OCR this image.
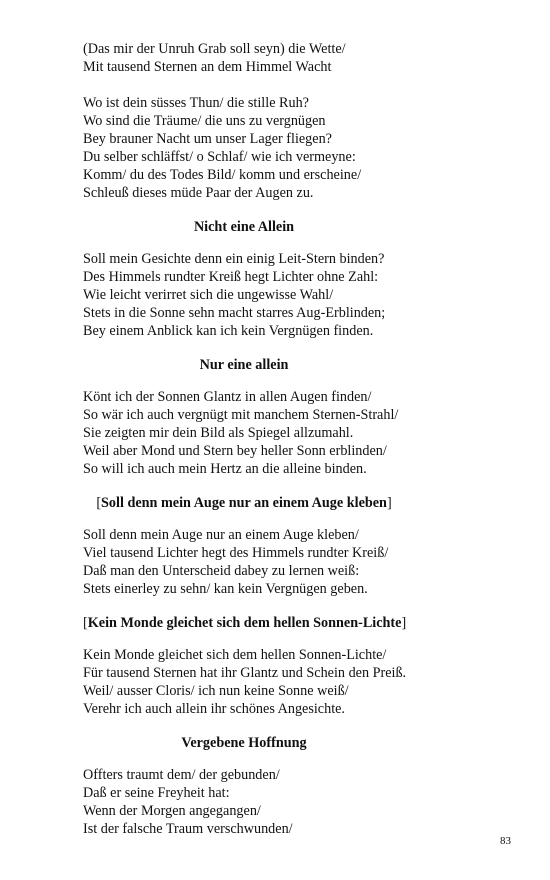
(Das mir der Unruh Grab soll seyn) die Wette/
Mit tausend Sternen an dem Himmel Wacht
Wo ist dein süsses Thun/ die stille Ruh?
Wo sind die Träume/ die uns zu vergnügen
Bey brauner Nacht um unser Lager fliegen?
Du selber schläffst/ o Schlaf/ wie ich vermeyne:
Komm/ du des Todes Bild/ komm und erscheine/
Schleuß dieses müde Paar der Augen zu.
Nicht eine Allein
Soll mein Gesichte denn ein einig Leit-Stern binden?
Des Himmels rundter Kreiß hegt Lichter ohne Zahl:
Wie leicht verirret sich die ungewisse Wahl/
Stets in die Sonne sehn macht starres Aug-Erblinden;
Bey einem Anblick kan ich kein Vergnügen finden.
Nur eine allein
Könt ich der Sonnen Glantz in allen Augen finden/
So wär ich auch vergnügt mit manchem Sternen-Strahl/
Sie zeigten mir dein Bild als Spiegel allzumahl.
Weil aber Mond und Stern bey heller Sonn erblinden/
So will ich auch mein Hertz an die alleine binden.
[Soll denn mein Auge nur an einem Auge kleben]
Soll denn mein Auge nur an einem Auge kleben/
Viel tausend Lichter hegt des Himmels rundter Kreiß/
Daß man den Unterscheid dabey zu lernen weiß:
Stets einerley zu sehn/ kan kein Vergnügen geben.
[Kein Monde gleichet sich dem hellen Sonnen-Lichte]
Kein Monde gleichet sich dem hellen Sonnen-Lichte/
Für tausend Sternen hat ihr Glantz und Schein den Preiß.
Weil/ ausser Cloris/ ich nun keine Sonne weiß/
Verehr ich auch allein ihr schönes Angesichte.
Vergebene Hoffnung
Offters traumt dem/ der gebunden/
Daß er seine Freyheit hat:
Wenn der Morgen angegangen/
Ist der falsche Traum verschwunden/
83
